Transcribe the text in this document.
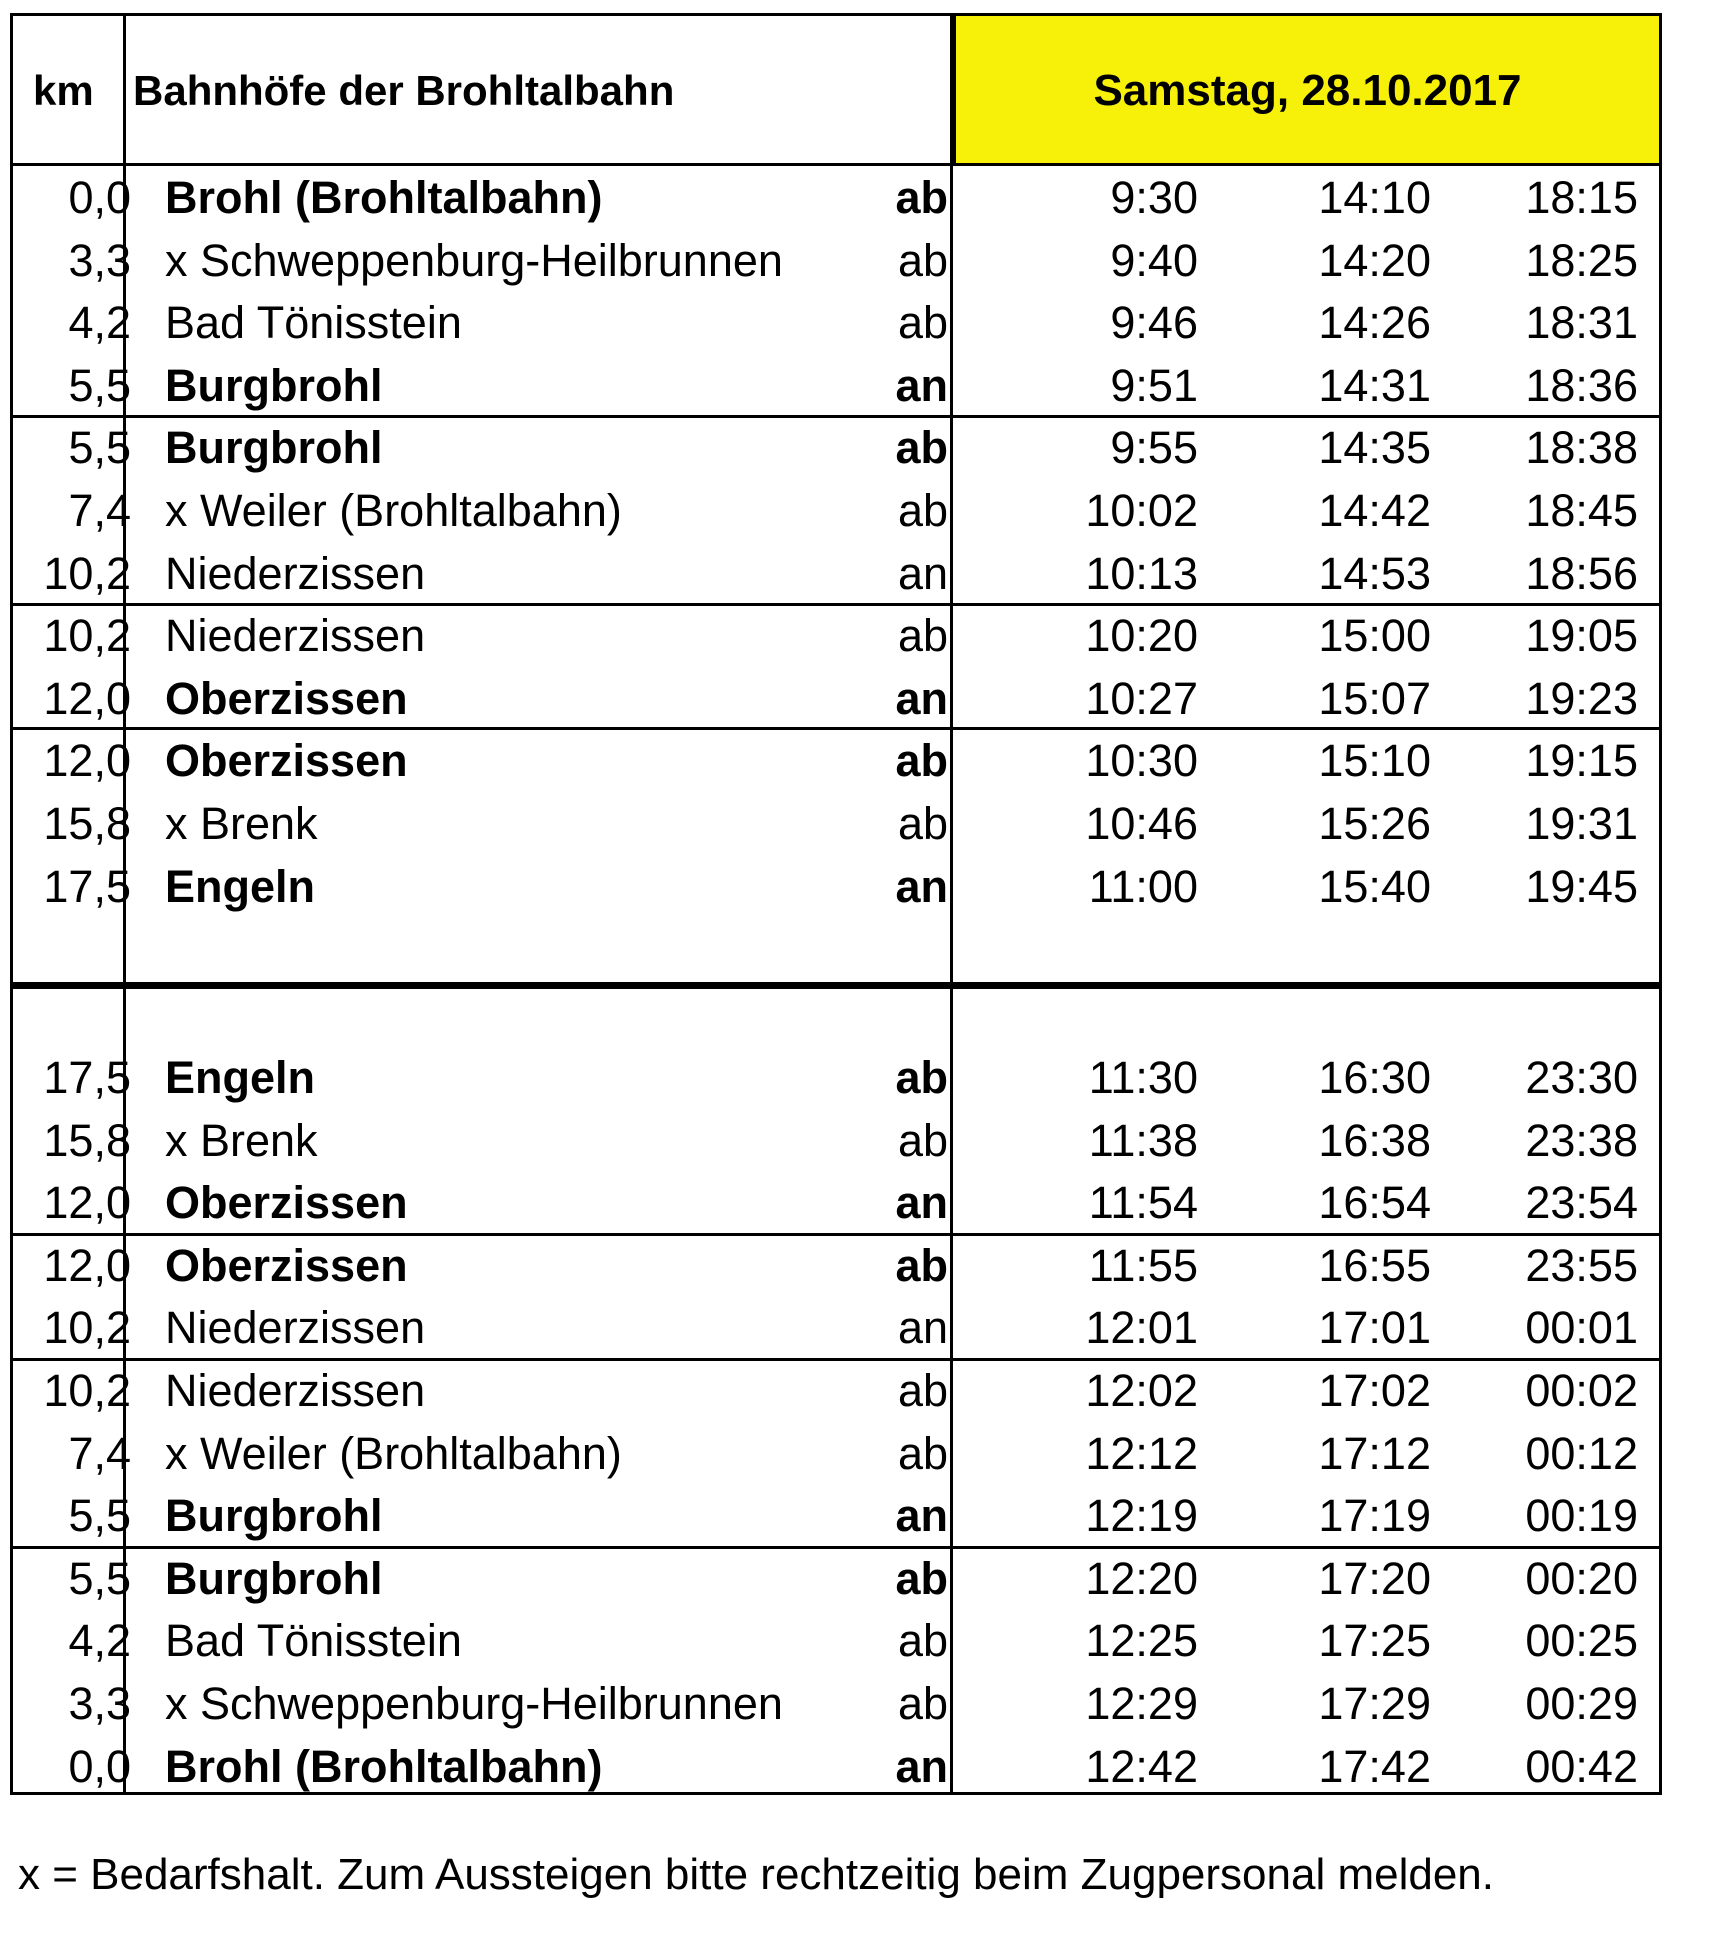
km Bahnhöfe der Brohltalbahn	Samstag, 28.10.2017
0,0 Brohl (Brohltalbahn)	ab	9:30	14:10 18:15
3,3 x Schweppenburg-Heilbrunnen	ab	9:40	14:20 18:25
4,2 Bad Tönisstein	ab	9:46	14:26 18:31
5,5 Burgbrohl	an	9:51	14:31 18:36
5,5 Burgbrohl	ab	9:55	14:35 18:38
7,4 x Weiler (Brohltalbahn)	ab	10:02	14:42 18:45
10,2 Niederzissen	an	10:13	14:53 18:56
10,2 Niederzissen	ab	10:20	15:00 19:05
12,0 Oberzissen	an	10:27	15:07 19:23
12,0 Oberzissen	ab	10:30	15:10 19:15
15,8 x Brenk	ab	10:46	15:26 19:31
17,5 Engeln	an	11:00	15:40 19:45
17,5 Engeln	ab	11:30	16:30 23:30
15,8 x Brenk	ab	11:38	16:38 23:38
12,0 Oberzissen	an	11:54	16:54 23:54
12,0 Oberzissen	ab	11:55	16:55 23:55
10,2 Niederzissen	an	12:01	17:01 00:01
10,2 Niederzissen	ab	12:02	17:02 00:02
7,4 x Weiler (Brohltalbahn)	ab	12:12	17:12 00:12
5,5 Burgbrohl	an	12:19	17:19 00:19
5,5 Burgbrohl	ab	12:20	17:20 00:20
4,2 Bad Tönisstein	ab	12:25	17:25 00:25
3,3 x Schweppenburg-Heilbrunnen	ab	12:29	17:29 00:29
0,0 Brohl (Brohltalbahn)	an	12:42	17:42 00:42
x = Bedarfshalt. Zum Aussteigen bitte rechtzeitig beim Zugpersonal melden.
